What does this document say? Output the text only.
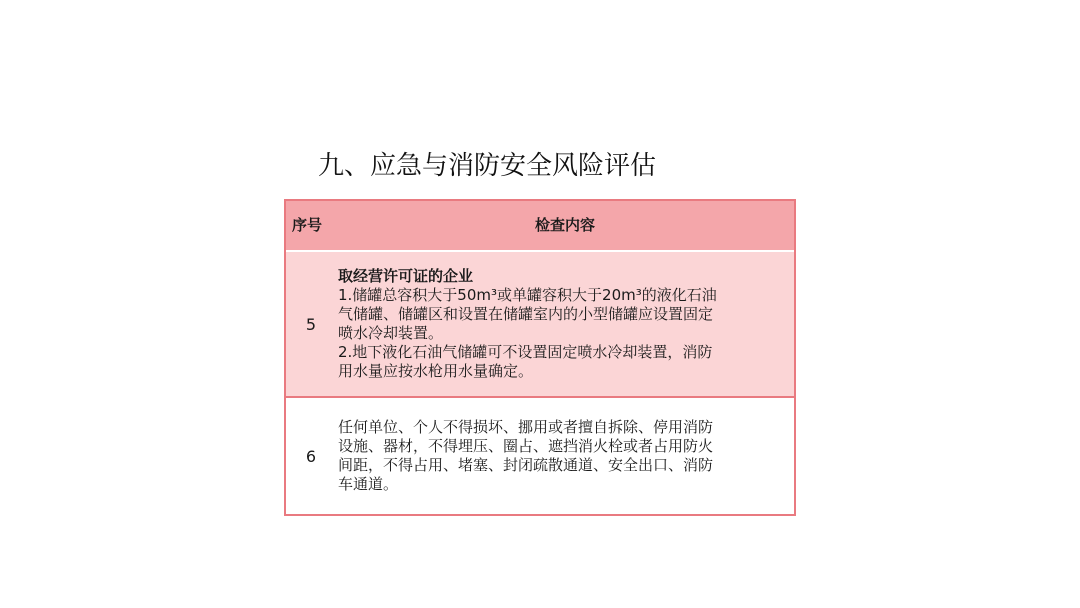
九、应急与消防安全风险评估
序号	检查内容
5
取经营许可证的企业
1.储罐总容积大于50m³或单罐容积大于20m³的液化石油
气储罐、储罐区和设置在储罐室内的小型储罐应设置固定
喷水冷却装置。
2.地下液化石油气储罐可不设置固定喷水冷却装置，消防
用水量应按水枪用水量确定。
6
任何单位、个人不得损坏、挪用或者擅自拆除、停用消防
设施、器材，不得埋压、圈占、遮挡消火栓或者占用防火
间距，不得占用、堵塞、封闭疏散通道、安全出口、消防
车通道。
